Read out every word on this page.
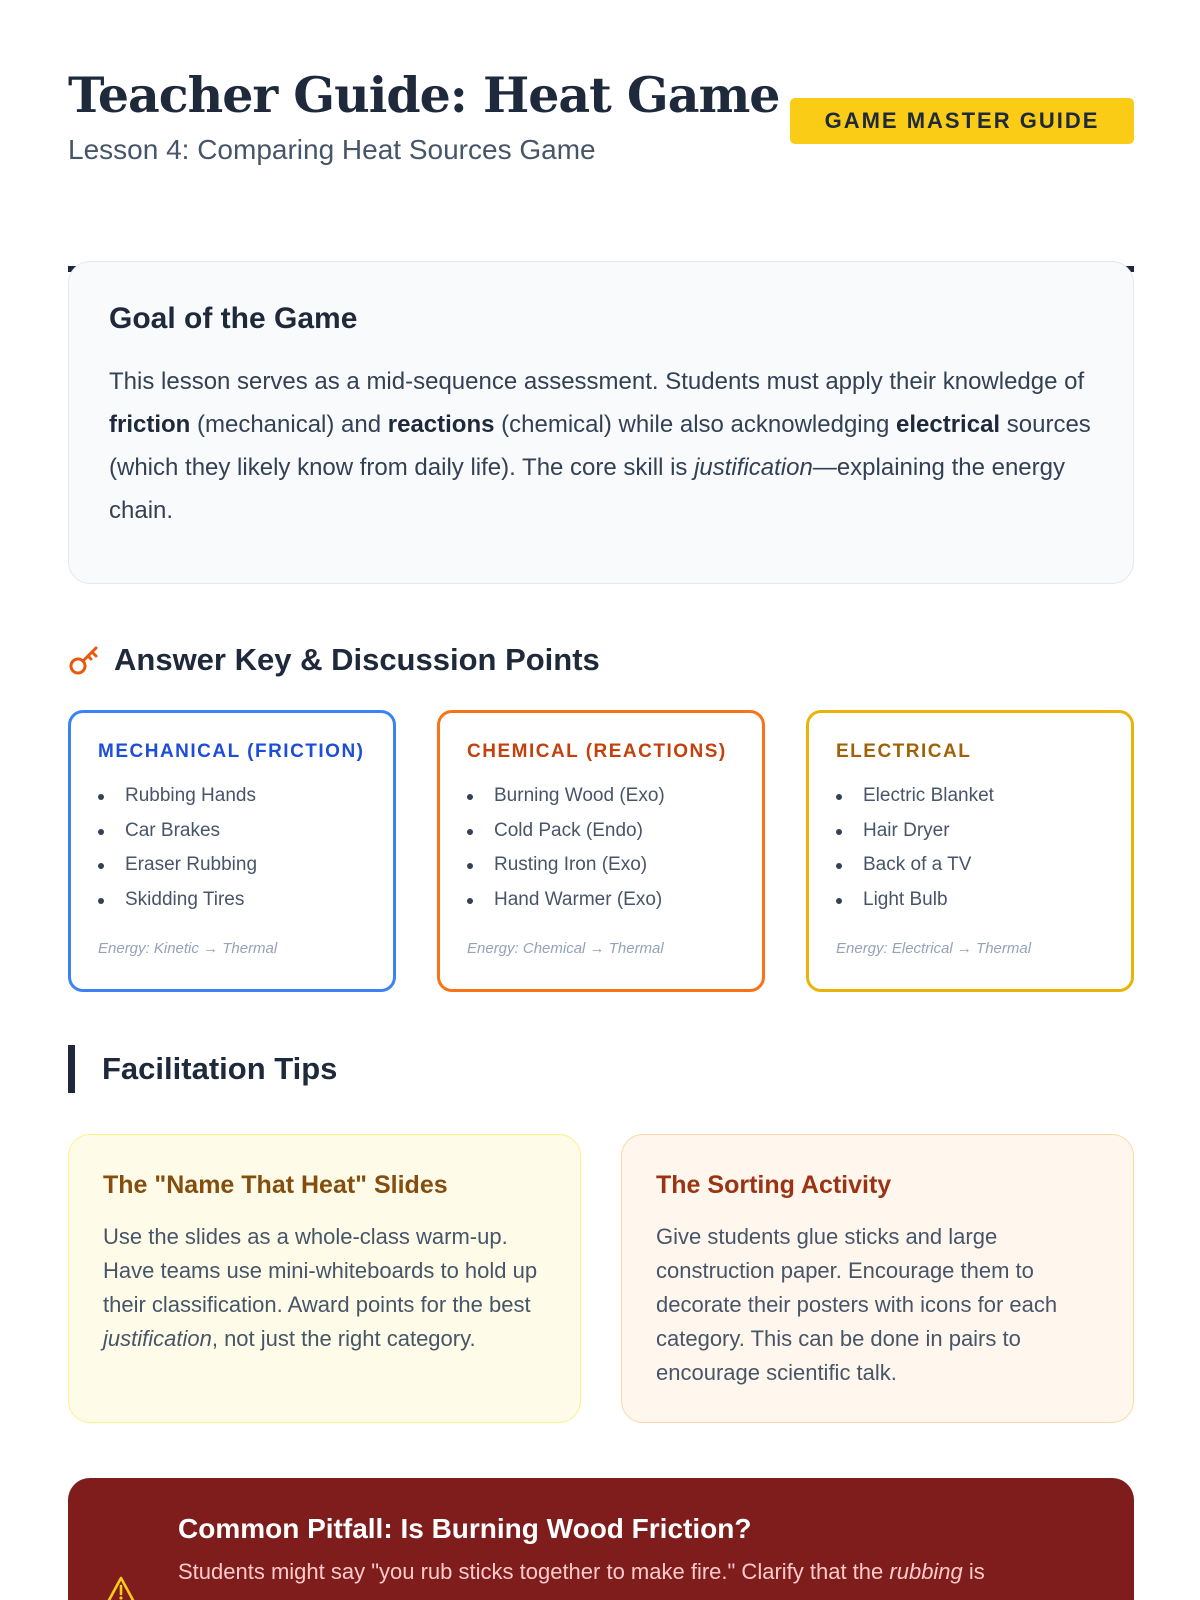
Teacher Guide: Heat Game
Lesson 4: Comparing Heat Sources Game
GAME MASTER GUIDE
Goal of the Game

This lesson serves as a mid-sequence assessment. Students must apply their knowledge of friction (mechanical) and reactions (chemical) while also acknowledging electrical sources (which they likely know from daily life). The core skill is justification—explaining the energy chain.

Answer Key & Discussion Points
MECHANICAL (FRICTION)
Rubbing Hands
Car Brakes
Eraser Rubbing
Skidding Tires
Energy: Kinetic → Thermal
CHEMICAL (REACTIONS)
Burning Wood (Exo)
Cold Pack (Endo)
Rusting Iron (Exo)
Hand Warmer (Exo)
Energy: Chemical → Thermal
ELECTRICAL
Electric Blanket
Hair Dryer
Back of a TV
Light Bulb
Energy: Electrical → Thermal
Facilitation Tips
The "Name That Heat" Slides

Use the slides as a whole-class warm-up. Have teams use mini-whiteboards to hold up their classification. Award points for the best justification, not just the right category.

The Sorting Activity

Give students glue sticks and large construction paper. Encourage them to decorate their posters with icons for each category. This can be done in pairs to encourage scientific talk.

Common Pitfall: Is Burning Wood Friction?

Students might say "you rub sticks together to make fire." Clarify that the rubbing is
